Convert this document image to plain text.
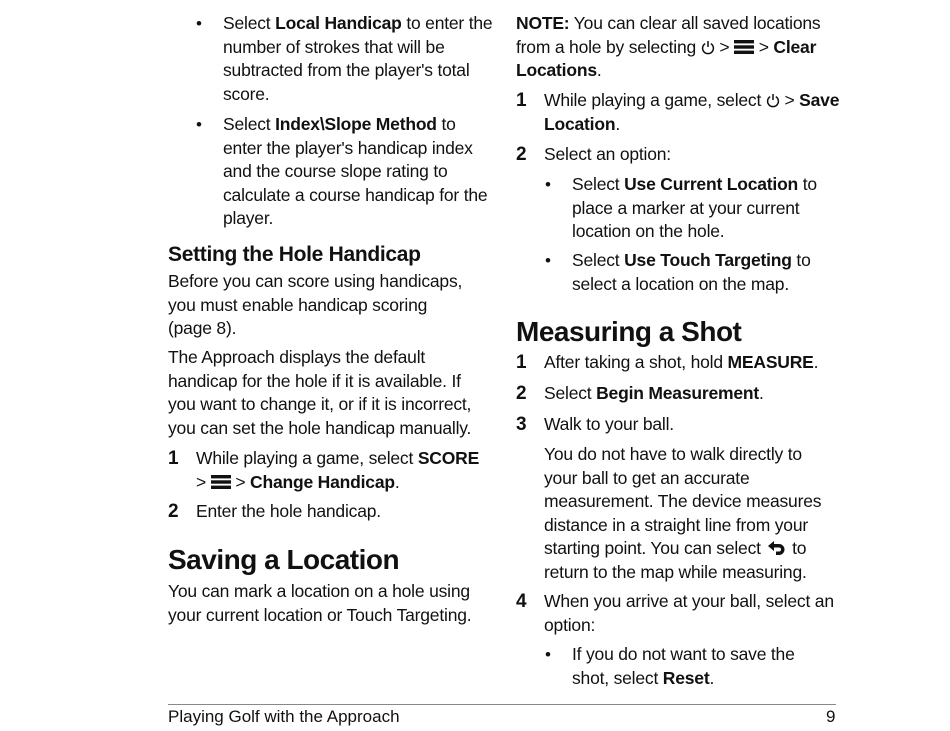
• Select Local Handicap to enter the number of strokes that will be subtracted from the player's total score.
• Select Index\Slope Method to enter the player's handicap index and the course slope rating to calculate a course handicap for the player.
Setting the Hole Handicap
Before you can score using handicaps, you must enable handicap scoring (page 8).
The Approach displays the default handicap for the hole if it is available. If you want to change it, or if it is incorrect, you can set the hole handicap manually.
1 While playing a game, select SCORE >  > Change Handicap.
2 Enter the hole handicap.
Saving a Location
You can mark a location on a hole using your current location or Touch Targeting.
NOTE: You can clear all saved locations from a hole by selecting  >  > Clear Locations.
1 While playing a game, select  > Save Location.
2 Select an option:
• Select Use Current Location to place a marker at your current location on the hole.
• Select Use Touch Targeting to select a location on the map.
Measuring a Shot
1 After taking a shot, hold MEASURE.
2 Select Begin Measurement.
3 Walk to your ball.
You do not have to walk directly to your ball to get an accurate measurement. The device measures distance in a straight line from your starting point. You can select  to return to the map while measuring.
4 When you arrive at your ball, select an option:
• If you do not want to save the shot, select Reset.
Playing Golf with the Approach	9
